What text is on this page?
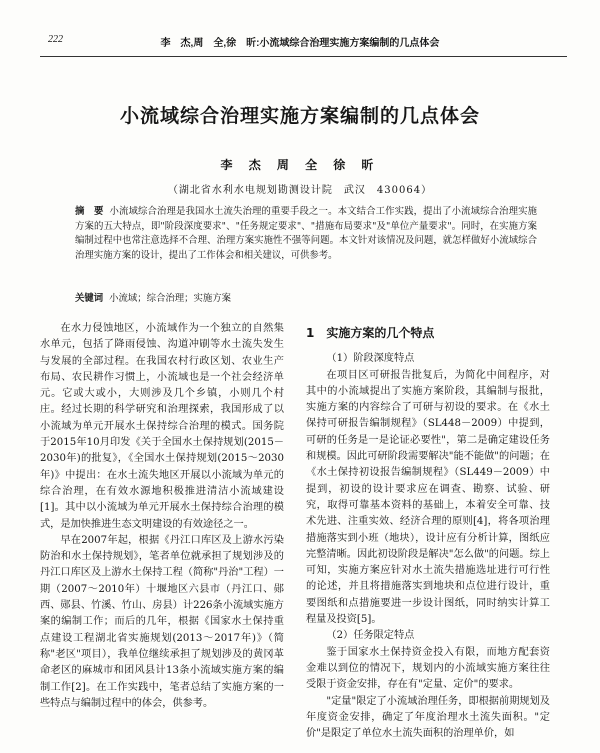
222	李　杰,周　全,徐　昕:小流域综合治理实施方案编制的几点体会
小流域综合治理实施方案编制的几点体会
李 杰 周 全 徐 昕
（湖北省水利水电规划勘测设计院　武汉　430064）
摘　要 小流域综合治理是我国水土流失治理的重要手段之一。本文结合工作实践，提出了小流域综合治理实施方案的五大特点，即"阶段深度要求"、"任务规定要求"、"措施布局要求"及"单位产量要求"。同时，在实施方案编制过程中也常注意选择不合理、治理方案实施性不强等问题。本文针对该情况及问题，就怎样做好小流域综合治理实施方案的设计，提出了工作体会和相关建议，可供参考。
关键词 小流域；综合治理；实施方案

在水力侵蚀地区，小流域作为一个独立的自然集水单元，包括了降雨侵蚀、沟道冲刷等水土流失发生与发展的全部过程。在我国农村行政区划、农业生产布局、农民耕作习惯上，小流域也是一个社会经济单元。它或大或小，大则涉及几个乡镇，小则几个村庄。经过长期的科学研究和治理探索，我国形成了以小流域为单元开展水土保持综合治理的模式。国务院于2015年10月印发《关于全国水土保持规划(2015－2030年)的批复》，《全国水土保持规划(2015～2030年)》中提出：在水土流失地区开展以小流域为单元的综合治理，在有效水源地积极推进清洁小流域建设[1]。其中以小流域为单元开展水土保持综合治理的模式，是加快推进生态文明建设的有效途径之一。

早在2007年起，根据《丹江口库区及上游水污染防治和水土保持规划》，笔者单位就承担了规划涉及的丹江口库区及上游水土保持工程（简称"丹治"工程）一期（2007～2010年）十堰地区六县市（丹江口、郧西、郧县、竹溪、竹山、房县）计226条小流域实施方案的编制工作；而后的几年，根据《国家水土保持重点建设工程湖北省实施规划(2013～2017年)》（简称"老区"项目），我单位继续承担了规划涉及的黄冈革命老区的麻城市和团风县计13条小流域实施方案的编制工作[2]。在工作实践中，笔者总结了实施方案的一些特点与编制过程中的体会，供参考。

1　实施方案的几个特点

（1）阶段深度特点

在项目区可研报告批复后，为简化中间程序，对其中的小流域提出了实施方案阶段，其编制与报批，实施方案的内容综合了可研与初设的要求。在《水土保持可研报告编制规程》（SL448－2009）中提到，可研的任务是一是论证必要性"，第二是确定建设任务和规模。因此可研阶段需要解决"能不能做"的问题；在《水土保持初设报告编制规程》（SL449－2009）中提到，初设的设计要求应在调查、勘察、试验、研究，取得可靠基本资料的基础上，本着安全可靠、技术先进、注重实效、经济合理的原则[4]，将各项治理措施落实到小班（地块），设计应有分析计算，图纸应完整清晰。因此初设阶段是解决"怎么做"的问题。综上可知，实施方案应针对水土流失措施选址进行可行性的论述，并且将措施落实到地块和点位进行设计，重要图纸和点措施要进一步设计图纸，同时纳实计算工程量及投资[5]。

（2）任务限定特点

鉴于国家水土保持资金投入有限，而地方配套资金难以到位的情况下，规划内的小流域实施方案往往受限于资金安排，存在有"定量、定价"的要求。

"定量"限定了小流域治理任务，即根据前期规划及年度资金安排，确定了年度治理水土流失面积。"定价"是限定了单位水土流失面积的治理单价，如
